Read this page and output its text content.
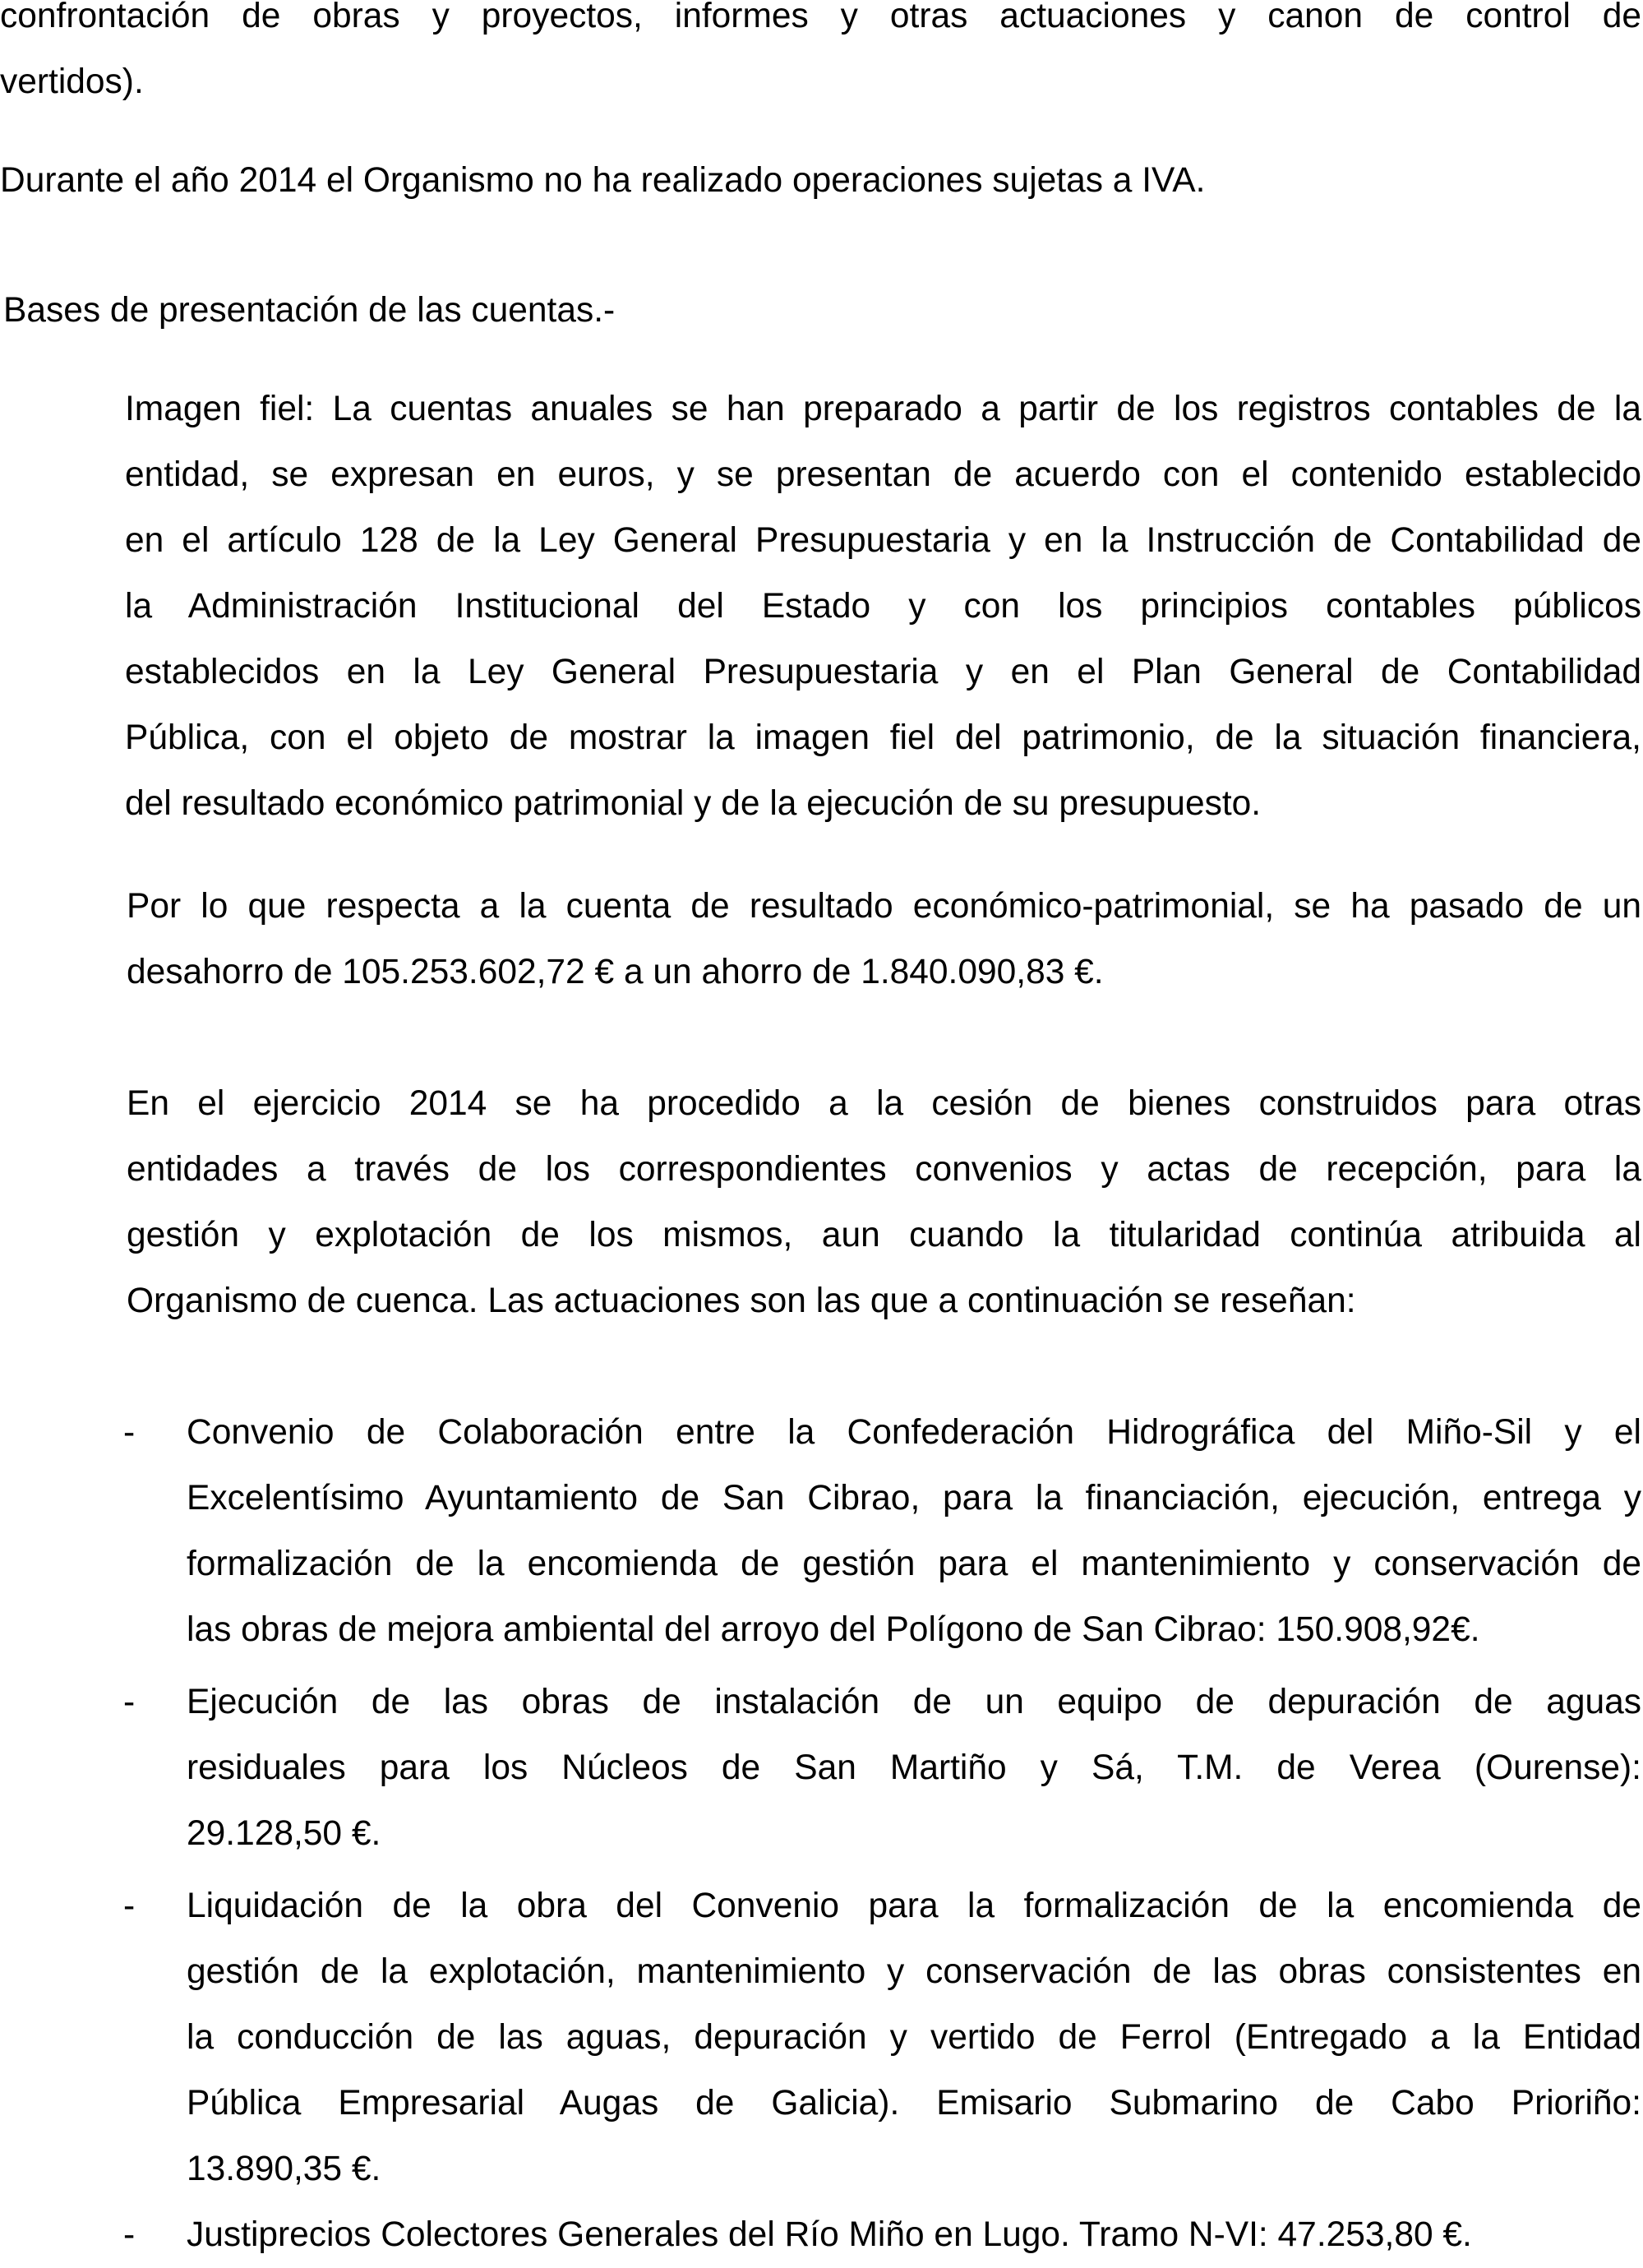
confrontación de obras y proyectos, informes y otras actuaciones y canon de control de
vertidos).
Durante el año 2014 el Organismo no ha realizado operaciones sujetas a IVA.
Bases de presentación de las cuentas.-
Imagen fiel: La cuentas anuales se han preparado a partir de los registros contables de la
entidad, se expresan en euros, y se presentan de acuerdo con el contenido establecido
en el artículo 128 de la Ley General Presupuestaria y en la Instrucción de Contabilidad de
la Administración Institucional del Estado y con los principios contables públicos
establecidos en la Ley General Presupuestaria y en el Plan General de Contabilidad
Pública, con el objeto de mostrar la imagen fiel del patrimonio, de la situación financiera,
del resultado económico patrimonial y de la ejecución de su presupuesto.
Por lo que respecta a la cuenta de resultado económico-patrimonial, se ha pasado de un
desahorro de 105.253.602,72 € a un ahorro de 1.840.090,83 €.
En el ejercicio 2014 se ha procedido a la cesión de bienes construidos para otras
entidades a través de los correspondientes convenios y actas de recepción, para la
gestión y explotación de los mismos, aun cuando la titularidad continúa atribuida al
Organismo de cuenca. Las actuaciones son las que a continuación se reseñan:
- Convenio de Colaboración entre la Confederación Hidrográfica del Miño-Sil y el
Excelentísimo Ayuntamiento de San Cibrao, para la financiación, ejecución, entrega y
formalización de la encomienda de gestión para el mantenimiento y conservación de
las obras de mejora ambiental del arroyo del Polígono de San Cibrao: 150.908,92€.
- Ejecución de las obras de instalación de un equipo de depuración de aguas
residuales para los Núcleos de San Martiño y Sá, T.M. de Verea (Ourense):
29.128,50 €.
- Liquidación de la obra del Convenio para la formalización de la encomienda de
gestión de la explotación, mantenimiento y conservación de las obras consistentes en
la conducción de las aguas, depuración y vertido de Ferrol (Entregado a la Entidad
Pública Empresarial Augas de Galicia). Emisario Submarino de Cabo Prioriño:
13.890,35 €.
- Justiprecios Colectores Generales del Río Miño en Lugo. Tramo N-VI: 47.253,80 €.
